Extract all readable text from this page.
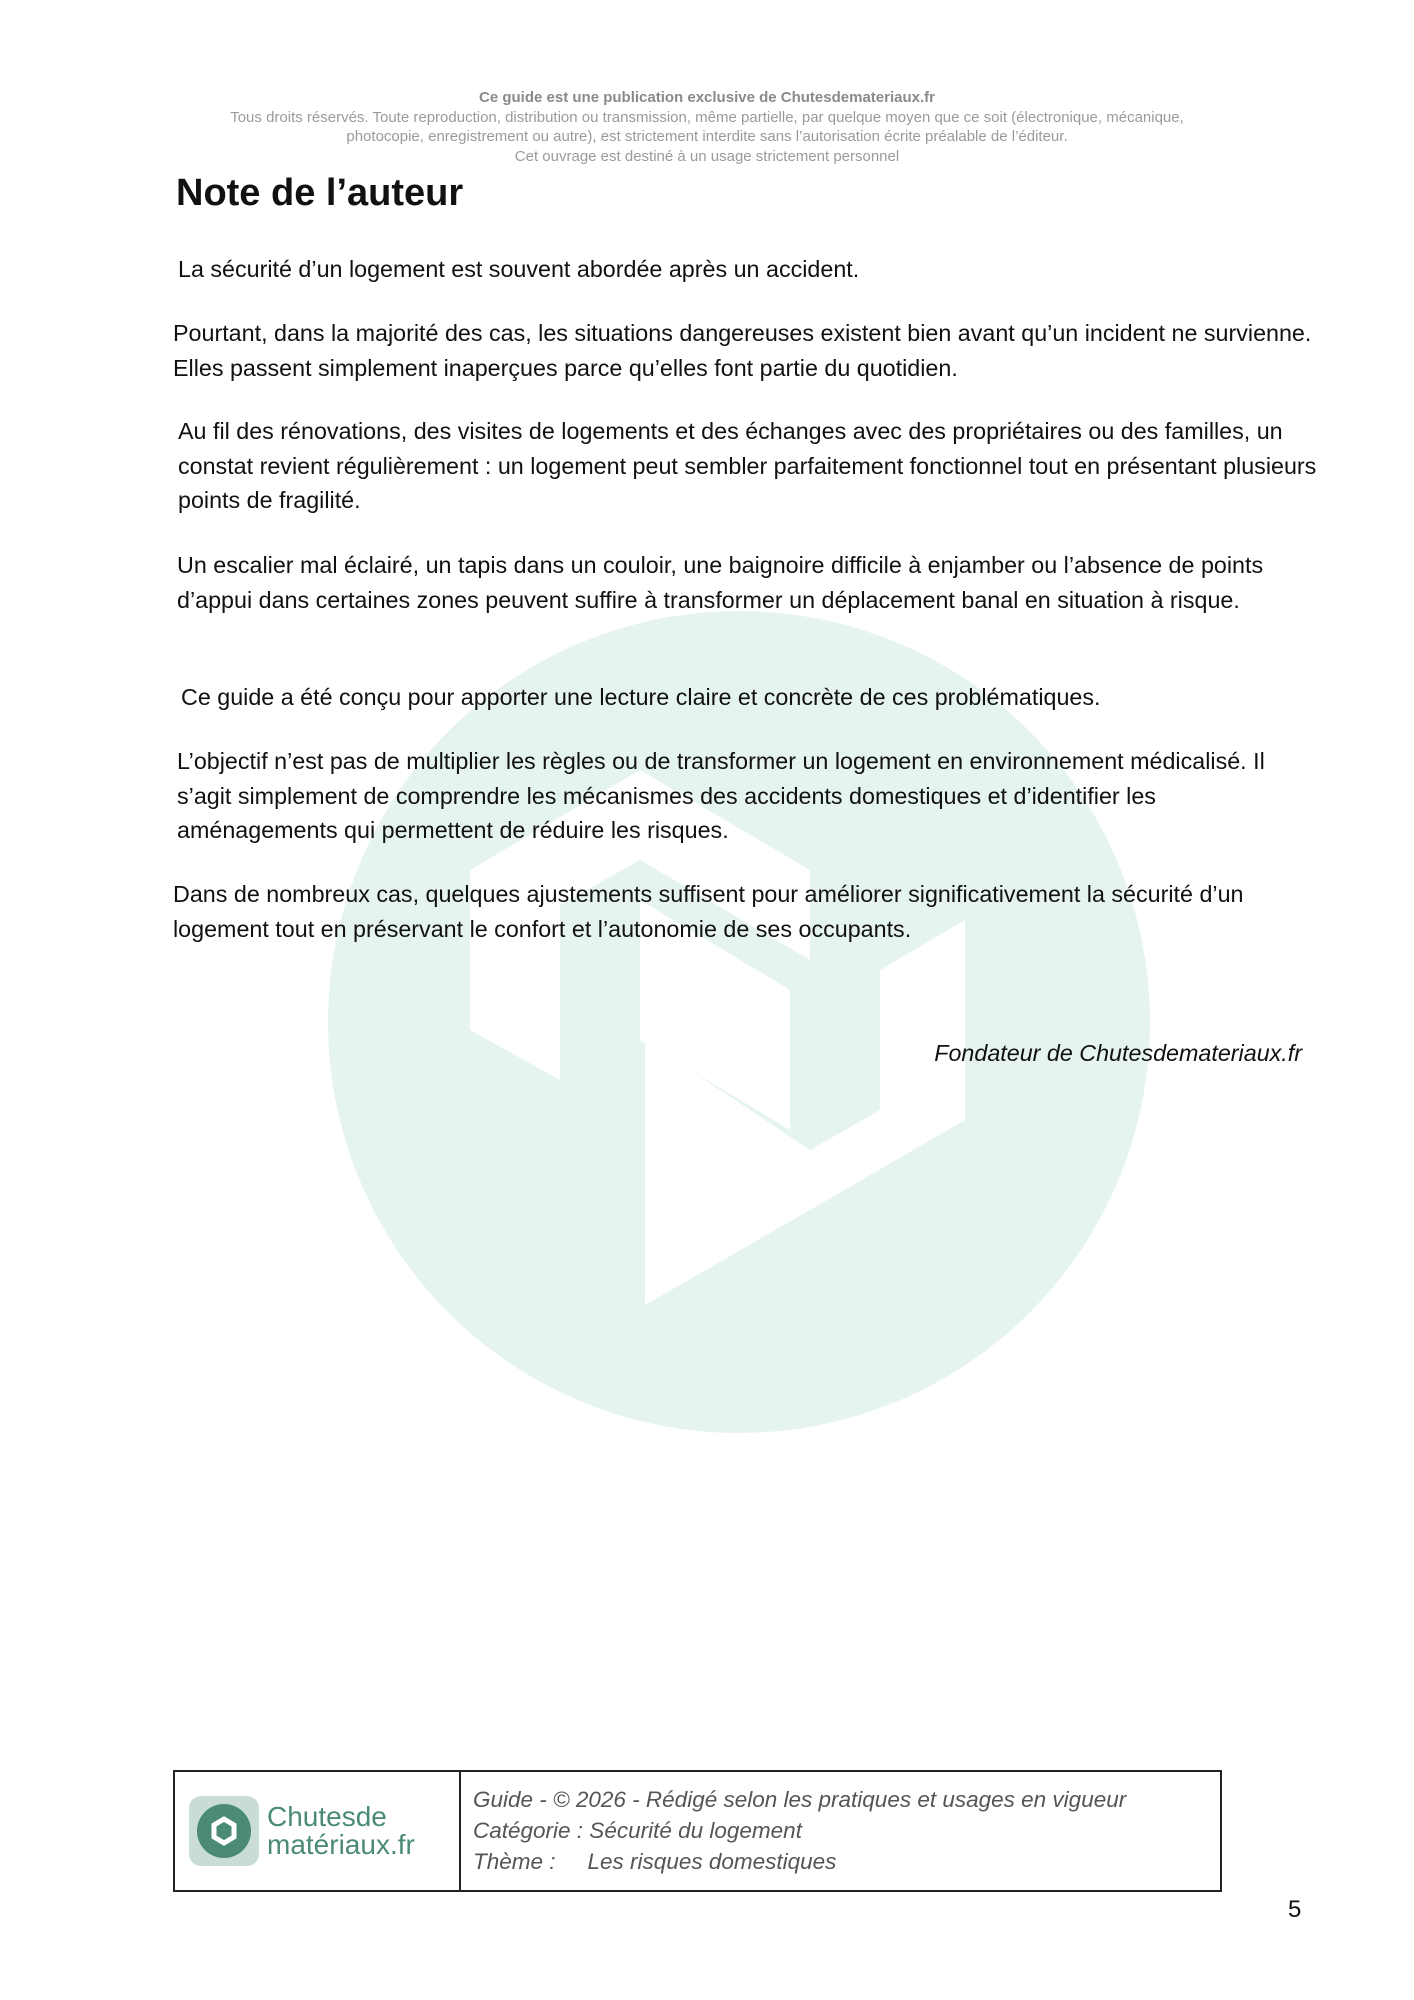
Ce guide est une publication exclusive de Chutesdemateriaux.fr
Tous droits réservés. Toute reproduction, distribution ou transmission, même partielle, par quelque moyen que ce soit (électronique, mécanique,
photocopie, enregistrement ou autre), est strictement interdite sans l’autorisation écrite préalable de l’éditeur.
Cet ouvrage est destiné à un usage strictement personnel
Note de l’auteur

La sécurité d’un logement est souvent abordée après un accident.

Pourtant, dans la majorité des cas, les situations dangereuses existent bien avant qu’un incident ne survienne. Elles passent simplement inaperçues parce qu’elles font partie du quotidien.

Au fil des rénovations, des visites de logements et des échanges avec des propriétaires ou des familles, un constat revient régulièrement : un logement peut sembler parfaitement fonctionnel tout en présentant plusieurs points de fragilité.

Un escalier mal éclairé, un tapis dans un couloir, une baignoire difficile à enjamber ou l’absence de points d’appui dans certaines zones peuvent suffire à transformer un déplacement banal en situation à risque.

Ce guide a été conçu pour apporter une lecture claire et concrète de ces problématiques.

L’objectif n’est pas de multiplier les règles ou de transformer un logement en environnement médicalisé. Il s’agit simplement de comprendre les mécanismes des accidents domestiques et d’identifier les aménagements qui permettent de réduire les risques.

Dans de nombreux cas, quelques ajustements suffisent pour améliorer significativement la sécurité d’un logement tout en préservant le confort et l’autonomie de ses occupants.

Fondateur de Chutesdemateriaux.fr
Chutesde
matériaux.fr
Guide - © 2026 - Rédigé selon les pratiques et usages en vigueur
Catégorie : Sécurité du logement
Thème : Les risques domestiques
5
